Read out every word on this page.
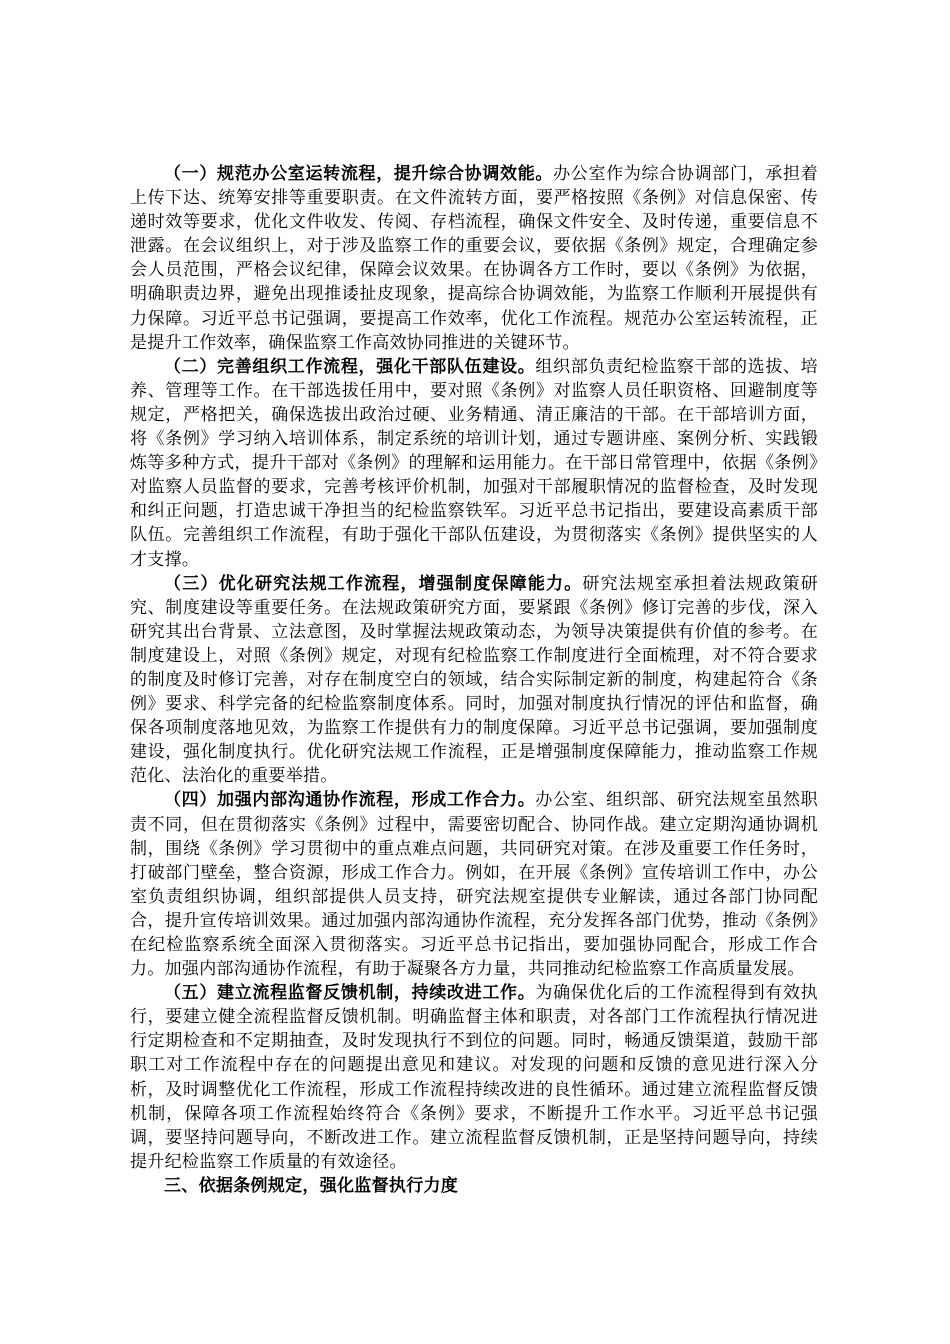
（一）规范办公室运转流程，提升综合协调效能。办公室作为综合协调部门，承担着上传下达、统筹安排等重要职责。在文件流转方面，要严格按照《条例》对信息保密、传递时效等要求，优化文件收发、传阅、存档流程，确保文件安全、及时传递，重要信息不泄露。在会议组织上，对于涉及监察工作的重要会议，要依据《条例》规定，合理确定参会人员范围，严格会议纪律，保障会议效果。在协调各方工作时，要以《条例》为依据，明确职责边界，避免出现推诿扯皮现象，提高综合协调效能，为监察工作顺利开展提供有力保障。习近平总书记强调，要提高工作效率，优化工作流程。规范办公室运转流程，正是提升工作效率，确保监察工作高效协同推进的关键环节。

（二）完善组织工作流程，强化干部队伍建设。组织部负责纪检监察干部的选拔、培养、管理等工作。在干部选拔任用中，要对照《条例》对监察人员任职资格、回避制度等规定，严格把关，确保选拔出政治过硬、业务精通、清正廉洁的干部。在干部培训方面，将《条例》学习纳入培训体系，制定系统的培训计划，通过专题讲座、案例分析、实践锻炼等多种方式，提升干部对《条例》的理解和运用能力。在干部日常管理中，依据《条例》对监察人员监督的要求，完善考核评价机制，加强对干部履职情况的监督检查，及时发现和纠正问题，打造忠诚干净担当的纪检监察铁军。习近平总书记指出，要建设高素质干部队伍。完善组织工作流程，有助于强化干部队伍建设，为贯彻落实《条例》提供坚实的人才支撑。

（三）优化研究法规工作流程，增强制度保障能力。研究法规室承担着法规政策研究、制度建设等重要任务。在法规政策研究方面，要紧跟《条例》修订完善的步伐，深入研究其出台背景、立法意图，及时掌握法规政策动态，为领导决策提供有价值的参考。在制度建设上，对照《条例》规定，对现有纪检监察工作制度进行全面梳理，对不符合要求的制度及时修订完善，对存在制度空白的领域，结合实际制定新的制度，构建起符合《条例》要求、科学完备的纪检监察制度体系。同时，加强对制度执行情况的评估和监督，确保各项制度落地见效，为监察工作提供有力的制度保障。习近平总书记强调，要加强制度建设，强化制度执行。优化研究法规工作流程，正是增强制度保障能力，推动监察工作规范化、法治化的重要举措。

（四）加强内部沟通协作流程，形成工作合力。办公室、组织部、研究法规室虽然职责不同，但在贯彻落实《条例》过程中，需要密切配合、协同作战。建立定期沟通协调机制，围绕《条例》学习贯彻中的重点难点问题，共同研究对策。在涉及重要工作任务时，打破部门壁垒，整合资源，形成工作合力。例如，在开展《条例》宣传培训工作中，办公室负责组织协调，组织部提供人员支持，研究法规室提供专业解读，通过各部门协同配合，提升宣传培训效果。通过加强内部沟通协作流程，充分发挥各部门优势，推动《条例》在纪检监察系统全面深入贯彻落实。习近平总书记指出，要加强协同配合，形成工作合力。加强内部沟通协作流程，有助于凝聚各方力量，共同推动纪检监察工作高质量发展。

（五）建立流程监督反馈机制，持续改进工作。为确保优化后的工作流程得到有效执行，要建立健全流程监督反馈机制。明确监督主体和职责，对各部门工作流程执行情况进行定期检查和不定期抽查，及时发现执行不到位的问题。同时，畅通反馈渠道，鼓励干部职工对工作流程中存在的问题提出意见和建议。对发现的问题和反馈的意见进行深入分析，及时调整优化工作流程，形成工作流程持续改进的良性循环。通过建立流程监督反馈机制，保障各项工作流程始终符合《条例》要求，不断提升工作水平。习近平总书记强调，要坚持问题导向，不断改进工作。建立流程监督反馈机制，正是坚持问题导向，持续提升纪检监察工作质量的有效途径。

三、依据条例规定，强化监督执行力度
